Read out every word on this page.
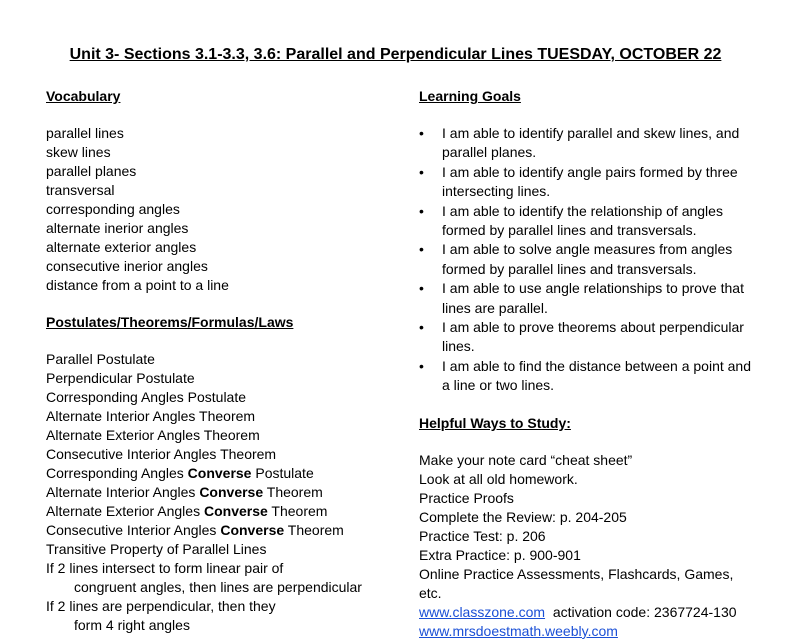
Unit 3- Sections 3.1-3.3, 3.6: Parallel and Perpendicular Lines TUESDAY, OCTOBER 22
Vocabulary
parallel lines
skew lines
parallel planes
transversal
corresponding angles
alternate inerior angles
alternate exterior angles
consecutive inerior angles
distance from a point to a line
Postulates/Theorems/Formulas/Laws
Parallel Postulate
Perpendicular Postulate
Corresponding Angles Postulate
Alternate Interior Angles Theorem
Alternate Exterior Angles Theorem
Consecutive Interior Angles Theorem
Corresponding Angles Converse Postulate
Alternate Interior Angles Converse Theorem
Alternate Exterior Angles Converse Theorem
Consecutive Interior Angles Converse Theorem
Transitive Property of Parallel Lines
If 2 lines intersect to form linear pair of
congruent angles, then lines are perpendicular
If 2 lines are perpendicular, then they
form 4 right angles
Learning Goals
•	I am able to identify parallel and skew lines, and parallel planes.
•	I am able to identify angle pairs formed by three intersecting lines.
•	I am able to identify the relationship of angles formed by parallel lines and transversals.
•	I am able to solve angle measures from angles formed by parallel lines and transversals.
•	I am able to use angle relationships to prove that lines are parallel.
•	I am able to prove theorems about perpendicular lines.
•	I am able to find the distance between a point and a line or two lines.
Helpful Ways to Study:
Make your note card “cheat sheet”
Look at all old homework.
Practice Proofs
Complete the Review: p. 204-205
Practice Test: p. 206
Extra Practice: p. 900-901
Online Practice Assessments, Flashcards, Games,
etc.
www.classzone.com activation code: 2367724-130
www.mrsdoestmath.weebly.com
